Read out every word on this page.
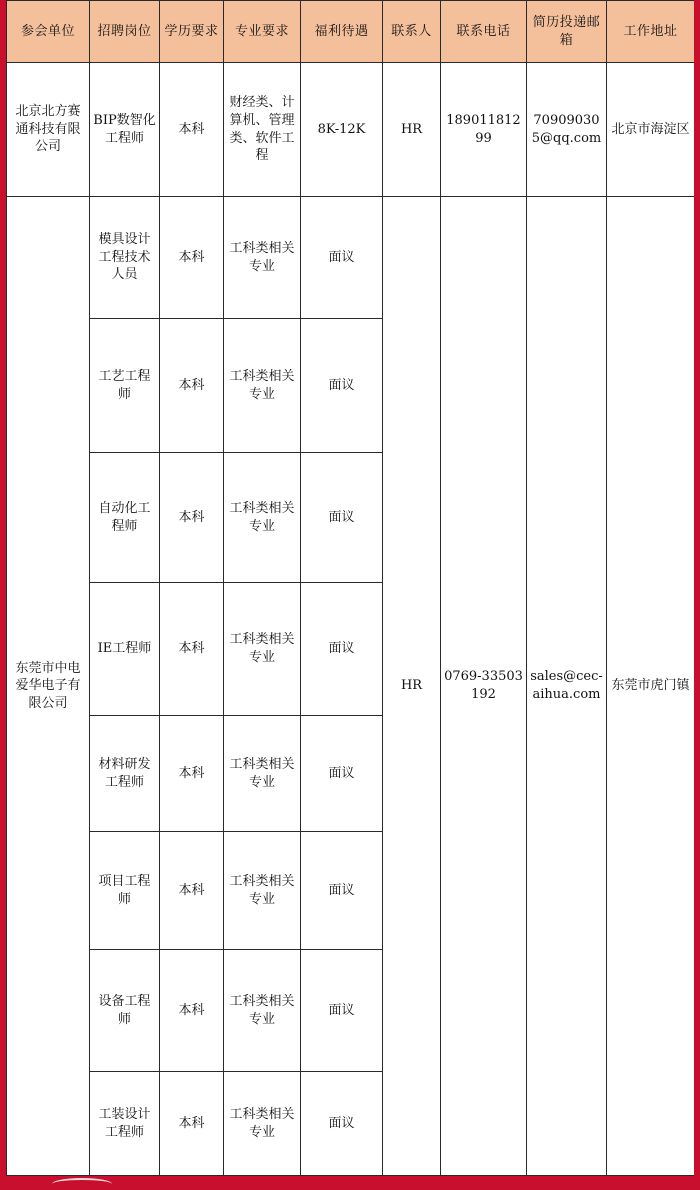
参会单位	招聘岗位	学历要求	专业要求	福利待遇	联系人	联系电话	简历投递邮箱	工作地址
北京北方赛通科技有限公司	BIP数智化工程师	本科	财经类、计算机、管理类、软件工程	8K-12K	HR	18901181299	709090305@qq.com	北京市海淀区
东莞市中电爱华电子有限公司	模具设计工程技术人员	本科	工科类相关专业	面议	HR	0769-33503192	sales@cec-aihua.com	东莞市虎门镇
	工艺工程师	本科	工科类相关专业	面议				
	自动化工程师	本科	工科类相关专业	面议				
	IE工程师	本科	工科类相关专业	面议				
	材料研发工程师	本科	工科类相关专业	面议				
	项目工程师	本科	工科类相关专业	面议				
	设备工程师	本科	工科类相关专业	面议				
	工装设计工程师	本科	工科类相关专业	面议				
